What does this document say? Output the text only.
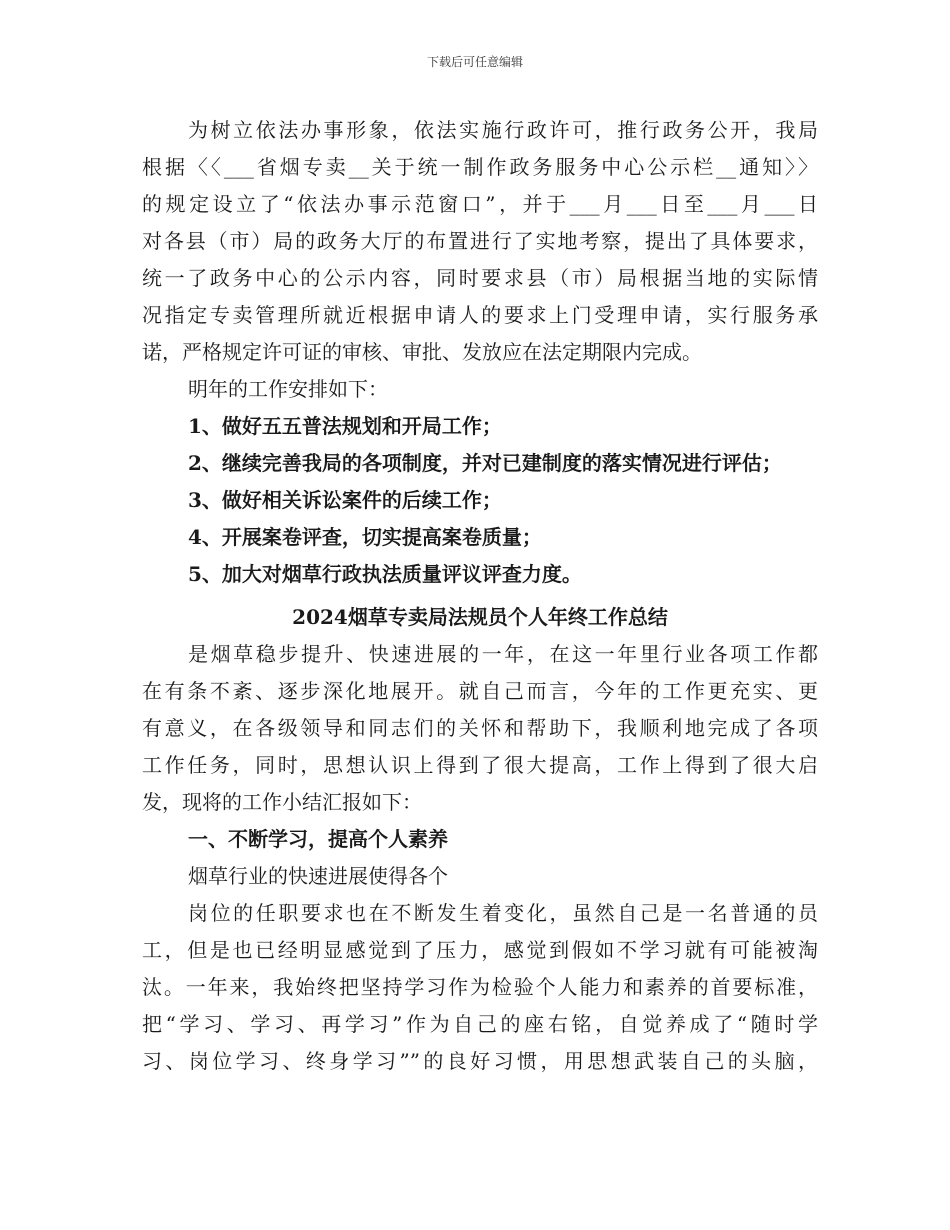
下载后可任意编辑
为树立依法办事形象，依法实施行政许可，推行政务公开，我局
根据〈〈___省烟专卖__关于统一制作政务服务中心公示栏__通知〉〉
的规定设立了“依法办事示范窗口”，并于___月___日至___月___日
对各县（市）局的政务大厅的布置进行了实地考察，提出了具体要求，
统一了政务中心的公示内容，同时要求县（市）局根据当地的实际情
况指定专卖管理所就近根据申请人的要求上门受理申请，实行服务承
诺，严格规定许可证的审核、审批、发放应在法定期限内完成。
明年的工作安排如下：
1、做好五五普法规划和开局工作；
2、继续完善我局的各项制度，并对已建制度的落实情况进行评估；
3、做好相关诉讼案件的后续工作；
4、开展案卷评查，切实提高案卷质量；
5、加大对烟草行政执法质量评议评查力度。
2024烟草专卖局法规员个人年终工作总结
是烟草稳步提升、快速进展的一年，在这一年里行业各项工作都
在有条不紊、逐步深化地展开。就自己而言，今年的工作更充实、更
有意义，在各级领导和同志们的关怀和帮助下，我顺利地完成了各项
工作任务，同时，思想认识上得到了很大提高，工作上得到了很大启
发，现将的工作小结汇报如下：
一、不断学习，提高个人素养
烟草行业的快速进展使得各个
岗位的任职要求也在不断发生着变化，虽然自己是一名普通的员
工，但是也已经明显感觉到了压力，感觉到假如不学习就有可能被淘
汰。一年来，我始终把坚持学习作为检验个人能力和素养的首要标准，
把“学习、学习、再学习”作为自己的座右铭，自觉养成了“随时学
习、岗位学习、终身学习””的良好习惯，用思想武装自己的头脑，
